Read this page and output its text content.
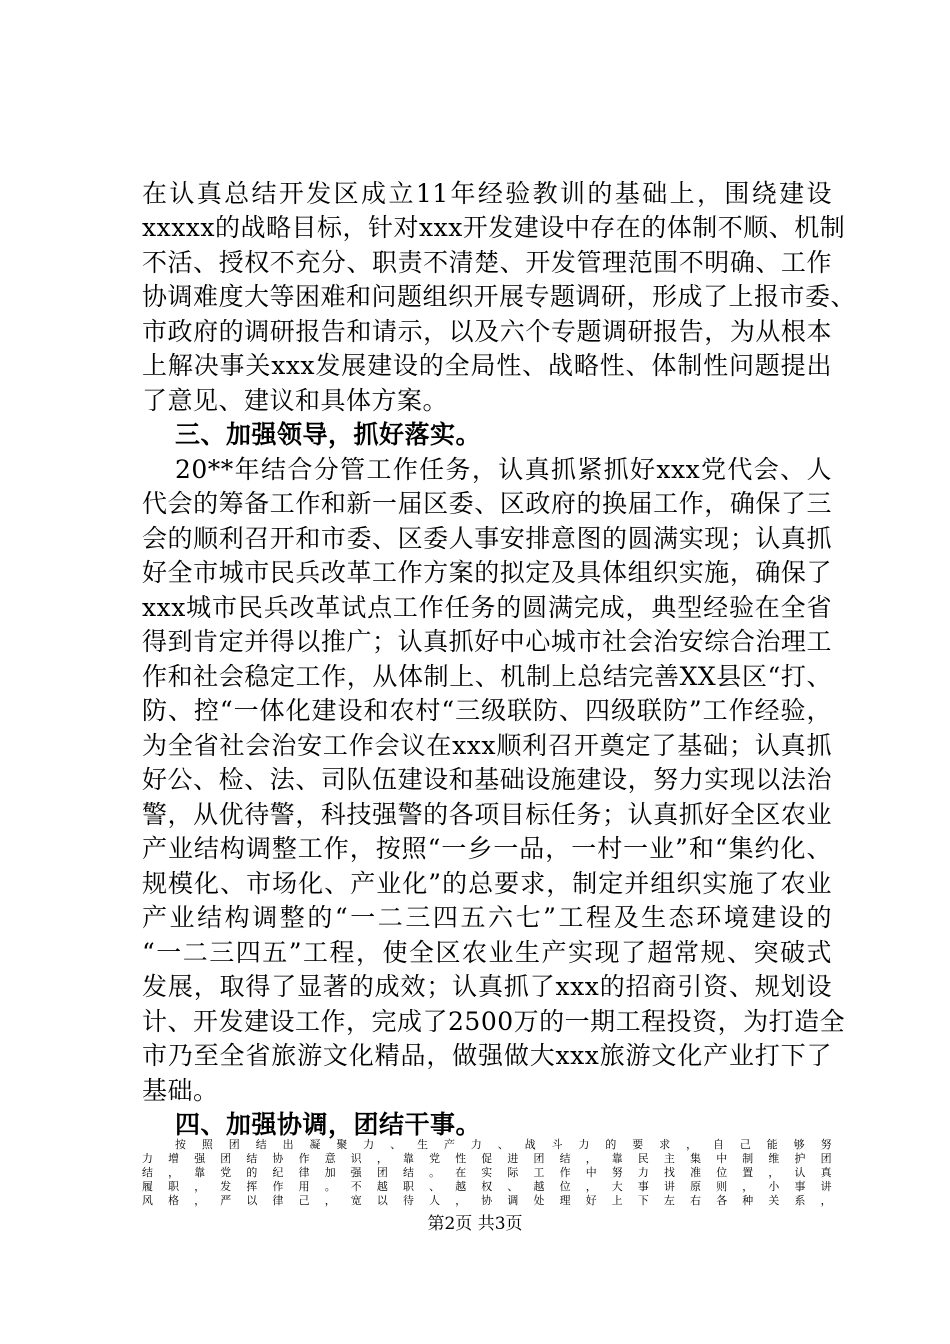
在认真总结开发区成立11年经验教训的基础上，围绕建设
xxxxx的战略目标，针对xxx开发建设中存在的体制不顺、机制
不活、授权不充分、职责不清楚、开发管理范围不明确、工作
协调难度大等困难和问题组织开展专题调研，形成了上报市委、
市政府的调研报告和请示，以及六个专题调研报告，为从根本
上解决事关xxx发展建设的全局性、战略性、体制性问题提出
了意见、建议和具体方案。
三、加强领导，抓好落实。
20**年结合分管工作任务，认真抓紧抓好xxx党代会、人
代会的筹备工作和新一届区委、区政府的换届工作，确保了三
会的顺利召开和市委、区委人事安排意图的圆满实现；认真抓
好全市城市民兵改革工作方案的拟定及具体组织实施，确保了
xxx城市民兵改革试点工作任务的圆满完成，典型经验在全省
得到肯定并得以推广；认真抓好中心城市社会治安综合治理工
作和社会稳定工作，从体制上、机制上总结完善XX县区“打、
防、控“一体化建设和农村“三级联防、四级联防”工作经验，
为全省社会治安工作会议在xxx顺利召开奠定了基础；认真抓
好公、检、法、司队伍建设和基础设施建设，努力实现以法治
警，从优待警，科技强警的各项目标任务；认真抓好全区农业
产业结构调整工作，按照“一乡一品，一村一业”和“集约化、
规模化、市场化、产业化”的总要求，制定并组织实施了农业
产业结构调整的“一二三四五六七”工程及生态环境建设的
“一二三四五”工程，使全区农业生产实现了超常规、突破式
发展，取得了显著的成效；认真抓了xxx的招商引资、规划设
计、开发建设工作，完成了2500万的一期工程投资，为打造全
市乃至全省旅游文化精品，做强做大xxx旅游文化产业打下了
基础。
四、加强协调，团结干事。
按照团结出凝聚力、生产力、战斗力的要求，自己能够努
力增强团结协作意识，靠党性促进团结，靠民主集中制维护团
结，靠党的纪律加强团结。在实际工作中努力找准位置，认真
履职，发挥作用。不越职、越权、越位，大事讲原则，小事讲
风格，严以律己，宽以待人，协调处理好上下左右各种关系，
第2页 共3页
